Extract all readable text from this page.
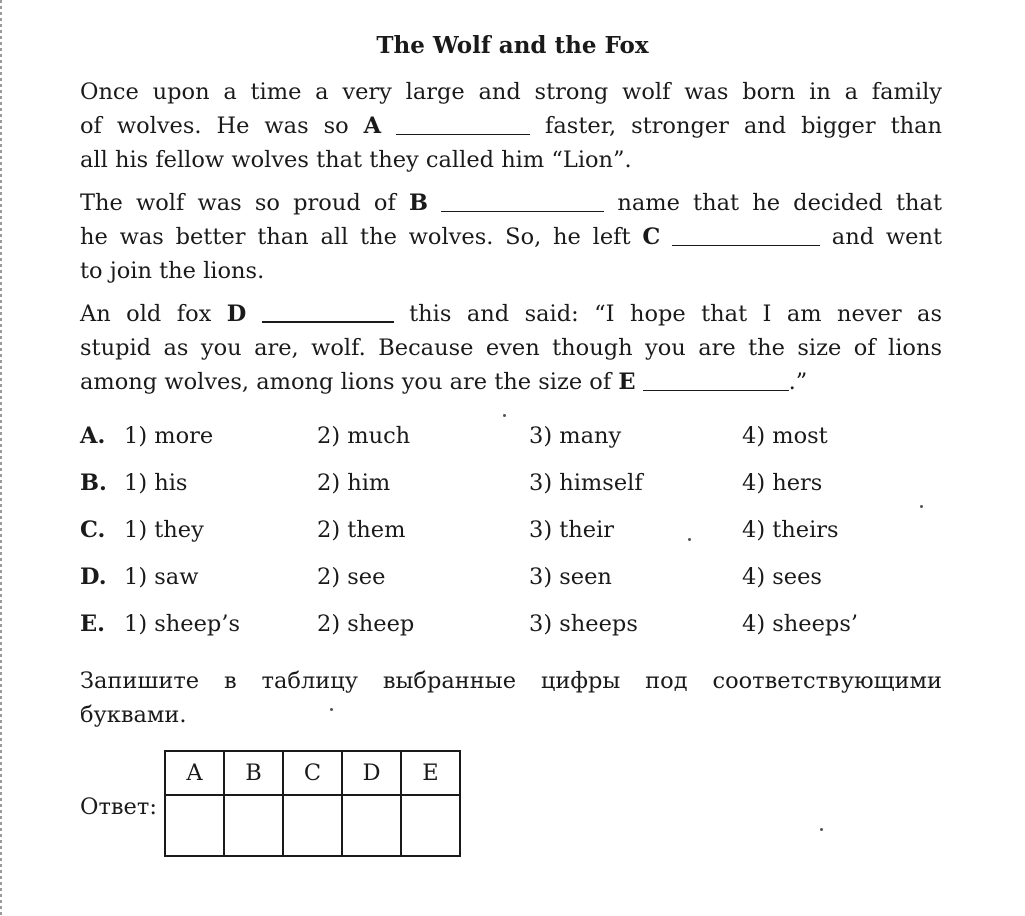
The Wolf and the Fox
Once upon a time a very large and strong wolf was born in a family
of wolves. He was so A	faster, stronger and bigger than
all his fellow wolves that they called him “Lion”.
The wolf was so proud of B	name that he decided that
he was better than all the wolves. So, he left C	and went
to join the lions.
An old fox D	this and said: “I hope that I am never as
stupid as you are, wolf. Because even though you are the size of lions
among wolves, among lions you are the size of E	.”
A. 1) more	2) much	3) many	4) most
B. 1) his	2) him	3) himself	4) hers
C. 1) they	2) them	3) their	4) theirs
D. 1) saw	2) see	3) seen	4) sees
E. 1) sheep’s	2) sheep	3) sheeps	4) sheeps’
Запишите в таблицу выбранные цифры под соответствующими
буквами.
Ответ:
A	B	C	D	E
